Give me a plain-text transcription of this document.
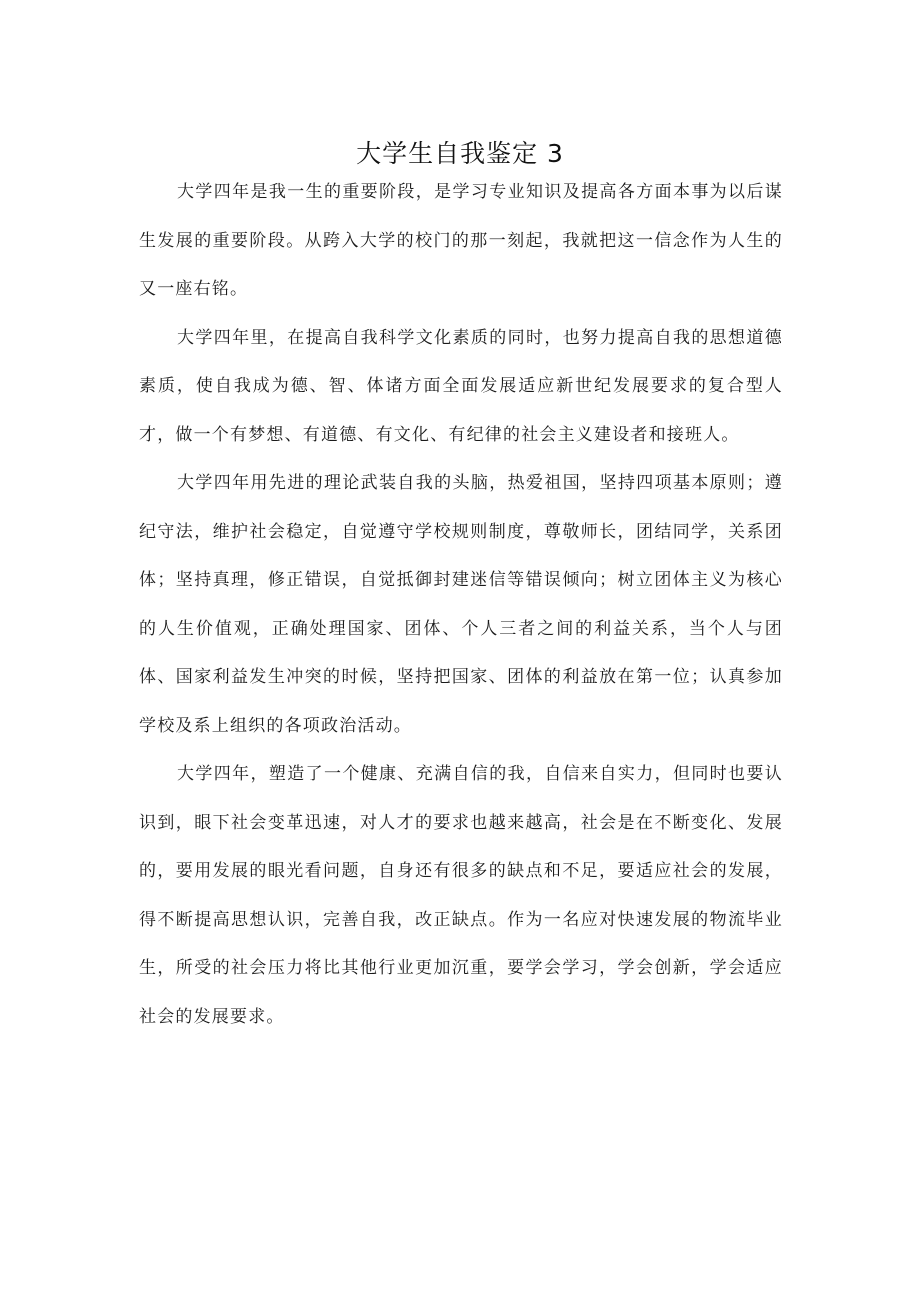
大学生自我鉴定 3

大学四年是我一生的重要阶段，是学习专业知识及提高各方面本事为以后谋生发展的重要阶段。从跨入大学的校门的那一刻起，我就把这一信念作为人生的又一座右铭。

大学四年里，在提高自我科学文化素质的同时，也努力提高自我的思想道德素质，使自我成为德、智、体诸方面全面发展适应新世纪发展要求的复合型人才，做一个有梦想、有道德、有文化、有纪律的社会主义建设者和接班人。

大学四年用先进的理论武装自我的头脑，热爱祖国，坚持四项基本原则；遵纪守法，维护社会稳定，自觉遵守学校规则制度，尊敬师长，团结同学，关系团体；坚持真理，修正错误，自觉抵御封建迷信等错误倾向；树立团体主义为核心的人生价值观，正确处理国家、团体、个人三者之间的利益关系，当个人与团体、国家利益发生冲突的时候，坚持把国家、团体的利益放在第一位；认真参加学校及系上组织的各项政治活动。

大学四年，塑造了一个健康、充满自信的我，自信来自实力，但同时也要认识到，眼下社会变革迅速，对人才的要求也越来越高，社会是在不断变化、发展的，要用发展的眼光看问题，自身还有很多的缺点和不足，要适应社会的发展，得不断提高思想认识，完善自我，改正缺点。作为一名应对快速发展的物流毕业生，所受的社会压力将比其他行业更加沉重，要学会学习，学会创新，学会适应社会的发展要求。
